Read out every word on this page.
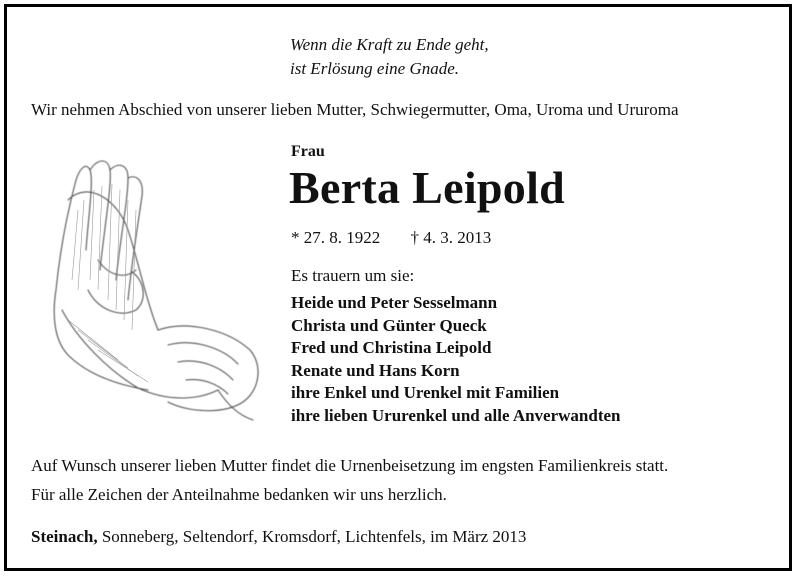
Wenn die Kraft zu Ende geht,
ist Erlösung eine Gnade.
Wir nehmen Abschied von unserer lieben Mutter, Schwiegermutter, Oma, Uroma und Ururoma
Frau
Berta Leipold
* 27. 8. 1922 † 4. 3. 2013
Es trauern um sie:
Heide und Peter Sesselmann
Christa und Günter Queck
Fred und Christina Leipold
Renate und Hans Korn
ihre Enkel und Urenkel mit Familien
ihre lieben Ururenkel und alle Anverwandten
Auf Wunsch unserer lieben Mutter findet die Urnenbeisetzung im engsten Familienkreis statt.
Für alle Zeichen der Anteilnahme bedanken wir uns herzlich.
Steinach, Sonneberg, Seltendorf, Kromsdorf, Lichtenfels, im März 2013
